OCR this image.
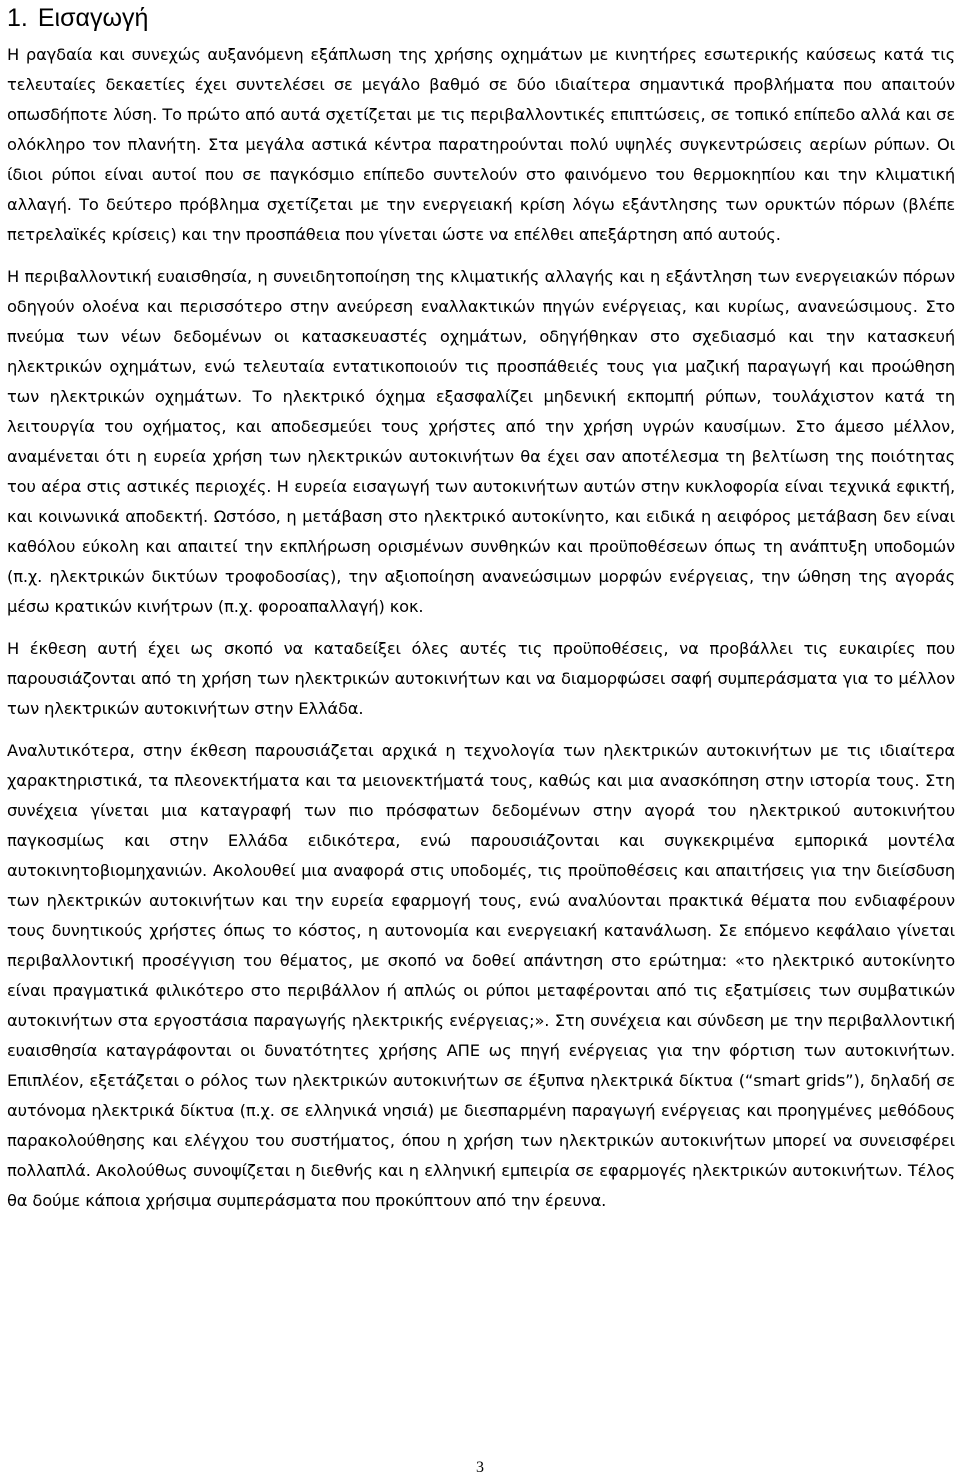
1. Εισαγωγή

Η ραγδαία και συνεχώς αυξανόμενη εξάπλωση της χρήσης οχημάτων με κινητήρες εσωτερικής καύσεως κατά τις τελευταίες δεκαετίες έχει συντελέσει σε μεγάλο βαθμό σε δύο ιδιαίτερα σημαντικά προβλήματα που απαιτούν οπωσδήποτε λύση. Το πρώτο από αυτά σχετίζεται με τις περιβαλλοντικές επιπτώσεις, σε τοπικό επίπεδο αλλά και σε ολόκληρο τον πλανήτη. Στα μεγάλα αστικά κέντρα παρατηρούνται πολύ υψηλές συγκεντρώσεις αερίων ρύπων. Οι ίδιοι ρύποι είναι αυτοί που σε παγκόσμιο επίπεδο συντελούν στο φαινόμενο του θερμοκηπίου και την κλιματική αλλαγή. Το δεύτερο πρόβλημα σχετίζεται με την ενεργειακή κρίση λόγω εξάντλησης των ορυκτών πόρων (βλέπε πετρελαϊκές κρίσεις) και την προσπάθεια που γίνεται ώστε να επέλθει απεξάρτηση από αυτούς.

Η περιβαλλοντική ευαισθησία, η συνειδητοποίηση της κλιματικής αλλαγής και η εξάντληση των ενεργειακών πόρων οδηγούν ολοένα και περισσότερο στην ανεύρεση εναλλακτικών πηγών ενέργειας, και κυρίως, ανανεώσιμους. Στο πνεύμα των νέων δεδομένων οι κατασκευαστές οχημάτων, οδηγήθηκαν στο σχεδιασμό και την κατασκευή ηλεκτρικών οχημάτων, ενώ τελευταία εντατικοποιούν τις προσπάθειές τους για μαζική παραγωγή και προώθηση των ηλεκτρικών οχημάτων. Το ηλεκτρικό όχημα εξασφαλίζει μηδενική εκπομπή ρύπων, τουλάχιστον κατά τη λειτουργία του οχήματος, και αποδεσμεύει τους χρήστες από την χρήση υγρών καυσίμων. Στο άμεσο μέλλον, αναμένεται ότι η ευρεία χρήση των ηλεκτρικών αυτοκινήτων θα έχει σαν αποτέλεσμα τη βελτίωση της ποιότητας του αέρα στις αστικές περιοχές. Η ευρεία εισαγωγή των αυτοκινήτων αυτών στην κυκλοφορία είναι τεχνικά εφικτή, και κοινωνικά αποδεκτή. Ωστόσο, η μετάβαση στο ηλεκτρικό αυτοκίνητο, και ειδικά η αειφόρος μετάβαση δεν είναι καθόλου εύκολη και απαιτεί την εκπλήρωση ορισμένων συνθηκών και προϋποθέσεων όπως τη ανάπτυξη υποδομών (π.χ. ηλεκτρικών δικτύων τροφοδοσίας), την αξιοποίηση ανανεώσιμων μορφών ενέργειας, την ώθηση της αγοράς μέσω κρατικών κινήτρων (π.χ. φοροαπαλλαγή) κοκ.

Η έκθεση αυτή έχει ως σκοπό να καταδείξει όλες αυτές τις προϋποθέσεις, να προβάλλει τις ευκαιρίες που παρουσιάζονται από τη χρήση των ηλεκτρικών αυτοκινήτων και να διαμορφώσει σαφή συμπεράσματα για το μέλλον των ηλεκτρικών αυτοκινήτων στην Ελλάδα.

Αναλυτικότερα, στην έκθεση παρουσιάζεται αρχικά η τεχνολογία των ηλεκτρικών αυτοκινήτων με τις ιδιαίτερα χαρακτηριστικά, τα πλεονεκτήματα και τα μειονεκτήματά τους, καθώς και μια ανασκόπηση στην ιστορία τους. Στη συνέχεια γίνεται μια καταγραφή των πιο πρόσφατων δεδομένων στην αγορά του ηλεκτρικού αυτοκινήτου παγκοσμίως και στην Ελλάδα ειδικότερα, ενώ παρουσιάζονται και συγκεκριμένα εμπορικά μοντέλα αυτοκινητοβιομηχανιών. Ακολουθεί μια αναφορά στις υποδομές, τις προϋποθέσεις και απαιτήσεις για την διείσδυση των ηλεκτρικών αυτοκινήτων και την ευρεία εφαρμογή τους, ενώ αναλύονται πρακτικά θέματα που ενδιαφέρουν τους δυνητικούς χρήστες όπως το κόστος, η αυτονομία και ενεργειακή κατανάλωση. Σε επόμενο κεφάλαιο γίνεται περιβαλλοντική προσέγγιση του θέματος, με σκοπό να δοθεί απάντηση στο ερώτημα: «το ηλεκτρικό αυτοκίνητο είναι πραγματικά φιλικότερο στο περιβάλλον ή απλώς οι ρύποι μεταφέρονται από τις εξατμίσεις των συμβατικών αυτοκινήτων στα εργοστάσια παραγωγής ηλεκτρικής ενέργειας;». Στη συνέχεια και σύνδεση με την περιβαλλοντική ευαισθησία καταγράφονται οι δυνατότητες χρήσης ΑΠΕ ως πηγή ενέργειας για την φόρτιση των αυτοκινήτων. Επιπλέον, εξετάζεται ο ρόλος των ηλεκτρικών αυτοκινήτων σε έξυπνα ηλεκτρικά δίκτυα (“smart grids”), δηλαδή σε αυτόνομα ηλεκτρικά δίκτυα (π.χ. σε ελληνικά νησιά) με διεσπαρμένη παραγωγή ενέργειας και προηγμένες μεθόδους παρακολούθησης και ελέγχου του συστήματος, όπου η χρήση των ηλεκτρικών αυτοκινήτων μπορεί να συνεισφέρει πολλαπλά. Ακολούθως συνοψίζεται η διεθνής και η ελληνική εμπειρία σε εφαρμογές ηλεκτρικών αυτοκινήτων. Τέλος θα δούμε κάποια χρήσιμα συμπεράσματα που προκύπτουν από την έρευνα.

3
